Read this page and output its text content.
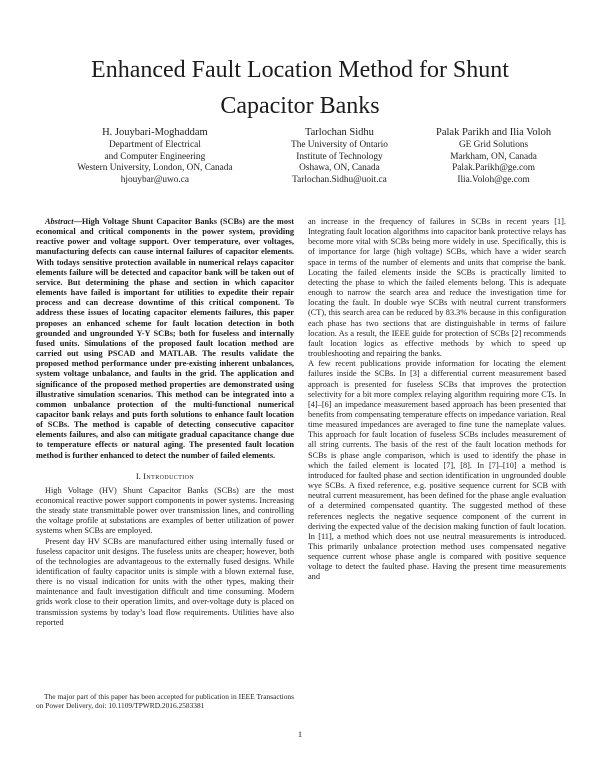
Enhanced Fault Location Method for Shunt
Capacitor Banks
H. Jouybari-Moghaddam
Department of Electrical
and Computer Engineering
Western University, London, ON, Canada
hjouybar@uwo.ca
Tarlochan Sidhu
The University of Ontario
Institute of Technology
Oshawa, ON, Canada
Tarlochan.Sidhu@uoit.ca
Palak Parikh and Ilia Voloh
GE Grid Solutions
Markham, ON, Canada
Palak.Parikh@ge.com
Ilia.Voloh@ge.com

Abstract—High Voltage Shunt Capacitor Banks (SCBs) are the most economical and critical components in the power system, providing reactive power and voltage support. Over temperature, over voltages, manufacturing defects can cause internal failures of capacitor elements. With todays sensitive protection available in numerical relays capacitor elements failure will be detected and capacitor bank will be taken out of service. But determining the phase and section in which capacitor elements have failed is important for utilities to expedite their repair process and can decrease downtime of this critical component. To address these issues of locating capacitor elements failures, this paper proposes an enhanced scheme for fault location detection in both grounded and ungrounded Y-Y SCBs; both for fuseless and internally fused units. Simulations of the proposed fault location method are carried out using PSCAD and MATLAB. The results validate the proposed method performance under pre-existing inherent unbalances, system voltage unbalance, and faults in the grid. The application and significance of the proposed method properties are demonstrated using illustrative simulation scenarios. This method can be integrated into a common unbalance protection of the multi-functional numerical capacitor bank relays and puts forth solutions to enhance fault location of SCBs. The method is capable of detecting consecutive capacitor elements failures, and also can mitigate gradual capacitance change due to temperature effects or natural aging. The presented fault location method is further enhanced to detect the number of failed elements.

I. Introduction

High Voltage (HV) Shunt Capacitor Banks (SCBs) are the most economical reactive power support components in power systems. Increasing the steady state transmittable power over transmission lines, and controlling the voltage profile at substations are examples of better utilization of power systems when SCBs are employed.

Present day HV SCBs are manufactured either using internally fused or fuseless capacitor unit designs. The fuseless units are cheaper; however, both of the technologies are advantageous to the externally fused designs. While identification of faulty capacitor units is simple with a blown external fuse, there is no visual indication for units with the other types, making their maintenance and fault investigation difficult and time consuming. Modern grids work close to their operation limits, and over-voltage duty is placed on transmission systems by today’s load flow requirements. Utilities have also reported

an increase in the frequency of failures in SCBs in recent years [1]. Integrating fault location algorithms into capacitor bank protective relays has become more vital with SCBs being more widely in use. Specifically, this is of importance for large (high voltage) SCBs, which have a wider search space in terms of the number of elements and units that comprise the bank. Locating the failed elements inside the SCBs is practically limited to detecting the phase to which the failed elements belong. This is adequate enough to narrow the search area and reduce the investigation time for locating the fault. In double wye SCBs with neutral current transformers (CT), this search area can be reduced by 83.3% because in this configuration each phase has two sections that are distinguishable in terms of failure location. As a result, the IEEE guide for protection of SCBs [2] recommends fault location logics as effective methods by which to speed up troubleshooting and repairing the banks.

A few recent publications provide information for locating the element failures inside the SCBs. In [3] a differential current measurement based approach is presented for fuseless SCBs that improves the protection selectivity for a bit more complex relaying algorithm requiring more CTs. In [4]–[6] an impedance measurement based approach has been presented that benefits from compensating temperature effects on impedance variation. Real time measured impedances are averaged to fine tune the nameplate values. This approach for fault location of fuseless SCBs includes measurement of all string currents. The basis of the rest of the fault location methods for SCBs is phase angle comparison, which is used to identify the phase in which the failed element is located [7], [8]. In [7]–[10] a method is introduced for faulted phase and section identification in ungrounded double wye SCBs. A fixed reference, e.g. positive sequence current for SCB with neutral current measurement, has been defined for the phase angle evaluation of a determined compensated quantity. The suggested method of these references neglects the negative sequence component of the current in deriving the expected value of the decision making function of fault location. In [11], a method which does not use neutral measurements is introduced. This primarily unbalance protection method uses compensated negative sequence current whose phase angle is compared with positive sequence voltage to detect the faulted phase. Having the present time measurements and

The major part of this paper has been accepted for publication in IEEE Transactions on Power Delivery, doi: 10.1109/TPWRD.2016.2583381
1
